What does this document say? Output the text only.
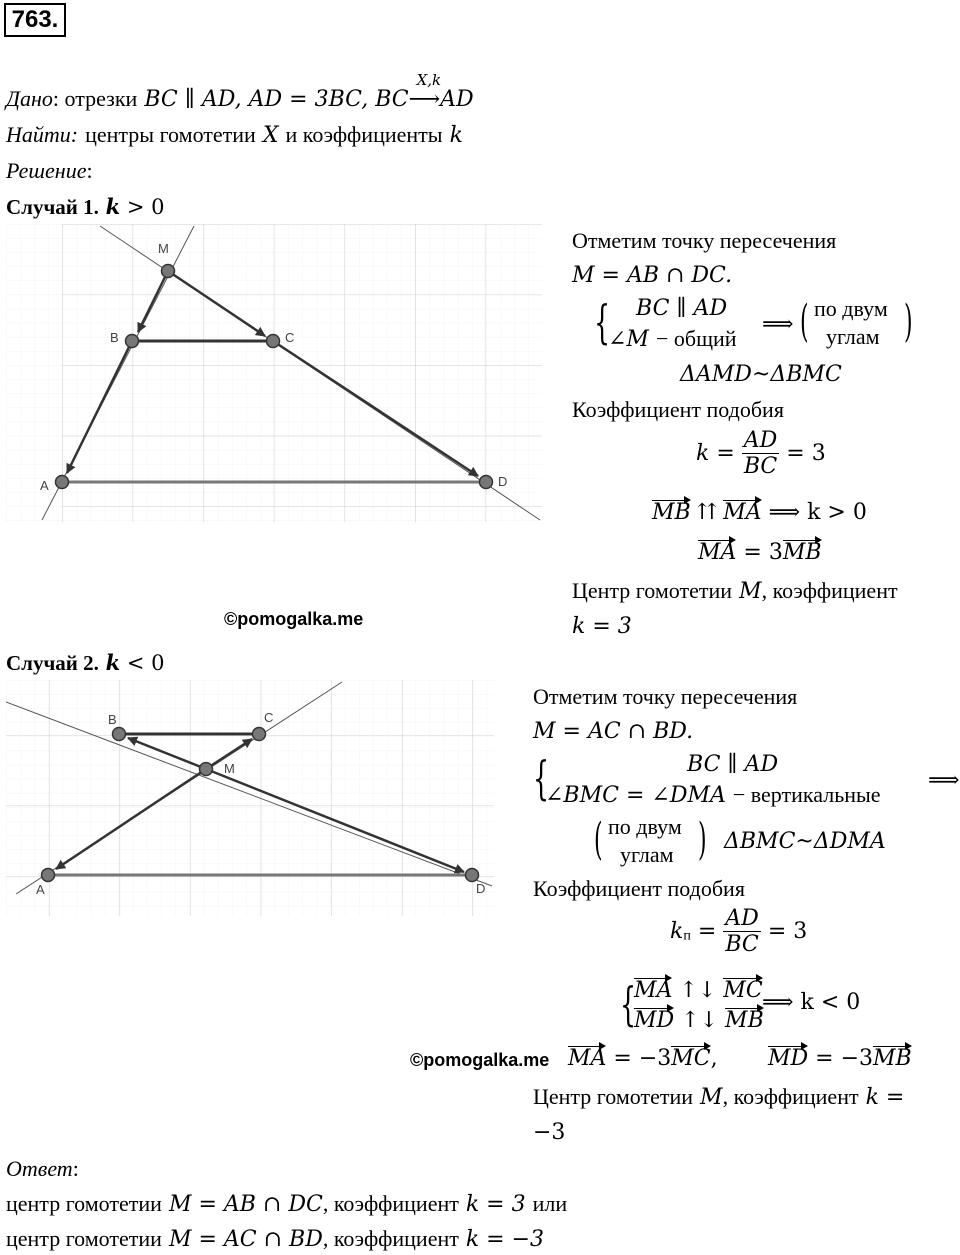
763.
Дано: отрезки BC ∥ AD, AD = 3BC, BC
X,k
⟶AD
Найти: центры гомотетии X и коэффициенты k
Решение:
Случай 1. k > 0
M
B	C
A	D
©pomogalka.me
Отметим точку пересечения
M = AB ∩ DC.
{ BC ∥ AD
∠M − общий
⟹ ( по двум
углам )
ΔAMD~ΔBMC
Коэффициент подобия
$k = \frac{AD}{BC} = 3$
MB ⇈ MA ⟹ k > 0
MA = 3MB
Центр гомотетии M, коэффициент
k = 3
Случай 2. k < 0
B	C
M
A	D
Отметим точку пересечения
M = AC ∩ BD.
{	BC ∥ AD
∠BMC = ∠DMA − вертикальные
⟹
( по двум
углам ) ΔBMC~ΔDMA
Коэффициент подобия
$k_п = \frac{AD}{BC} = 3$
{
MA ↑↓ MC
MD ↑↓ MB
⟹ k < 0
©pomogalka.me MA = −3MC, MD = −3MB
Центр гомотетии M, коэффициент k =
−3
Ответ:
центр гомотетии M = AB ∩ DC, коэффициент k = 3 или
центр гомотетии M = AC ∩ BD, коэффициент k = −3
